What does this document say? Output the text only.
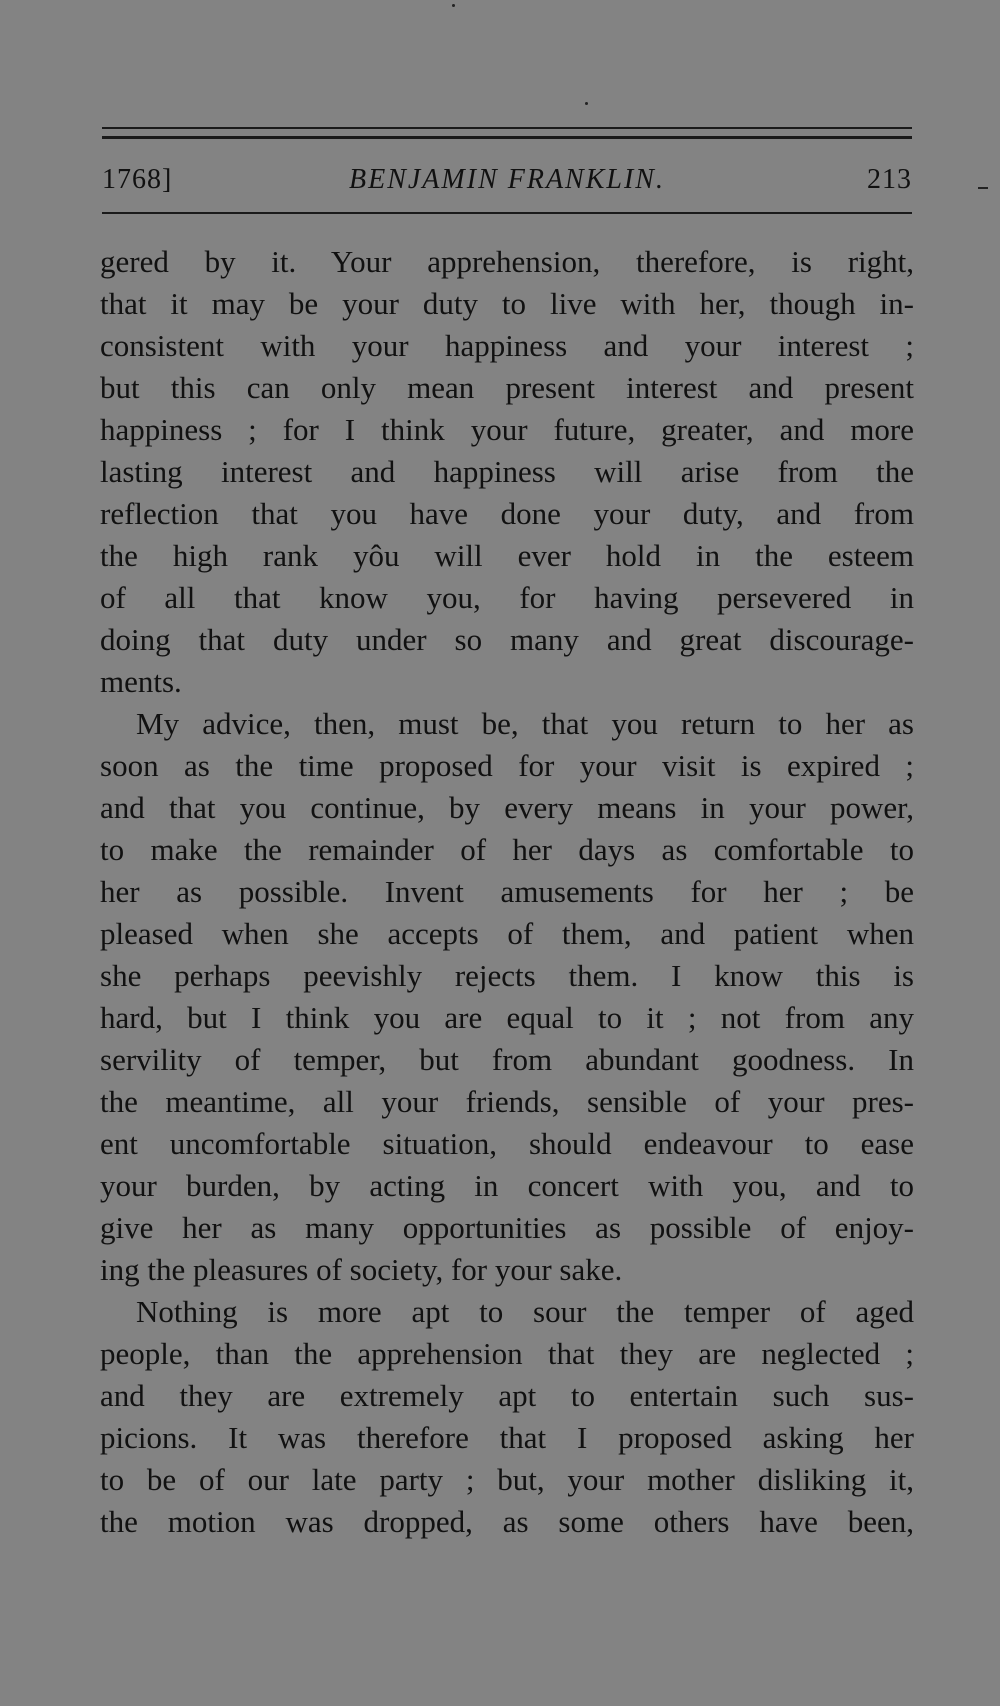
1768]	BENJAMIN FRANKLIN.	213
gered by it. Your apprehension, therefore, is right,
that it may be your duty to live with her, though in-
consistent with your happiness and your interest ;
but this can only mean present interest and present
happiness ; for I think your future, greater, and more
lasting interest and happiness will arise from the
reflection that you have done your duty, and from
the high rank yôu will ever hold in the esteem
of all that know you, for having persevered in
doing that duty under so many and great discourage-
ments.
My advice, then, must be, that you return to her as
soon as the time proposed for your visit is expired ;
and that you continue, by every means in your power,
to make the remainder of her days as comfortable to
her as possible. Invent amusements for her ; be
pleased when she accepts of them, and patient when
she perhaps peevishly rejects them. I know this is
hard, but I think you are equal to it ; not from any
servility of temper, but from abundant goodness. In
the meantime, all your friends, sensible of your pres-
ent uncomfortable situation, should endeavour to ease
your burden, by acting in concert with you, and to
give her as many opportunities as possible of enjoy-
ing the pleasures of society, for your sake.
Nothing is more apt to sour the temper of aged
people, than the apprehension that they are neglected ;
and they are extremely apt to entertain such sus-
picions. It was therefore that I proposed asking her
to be of our late party ; but, your mother disliking it,
the motion was dropped, as some others have been,
